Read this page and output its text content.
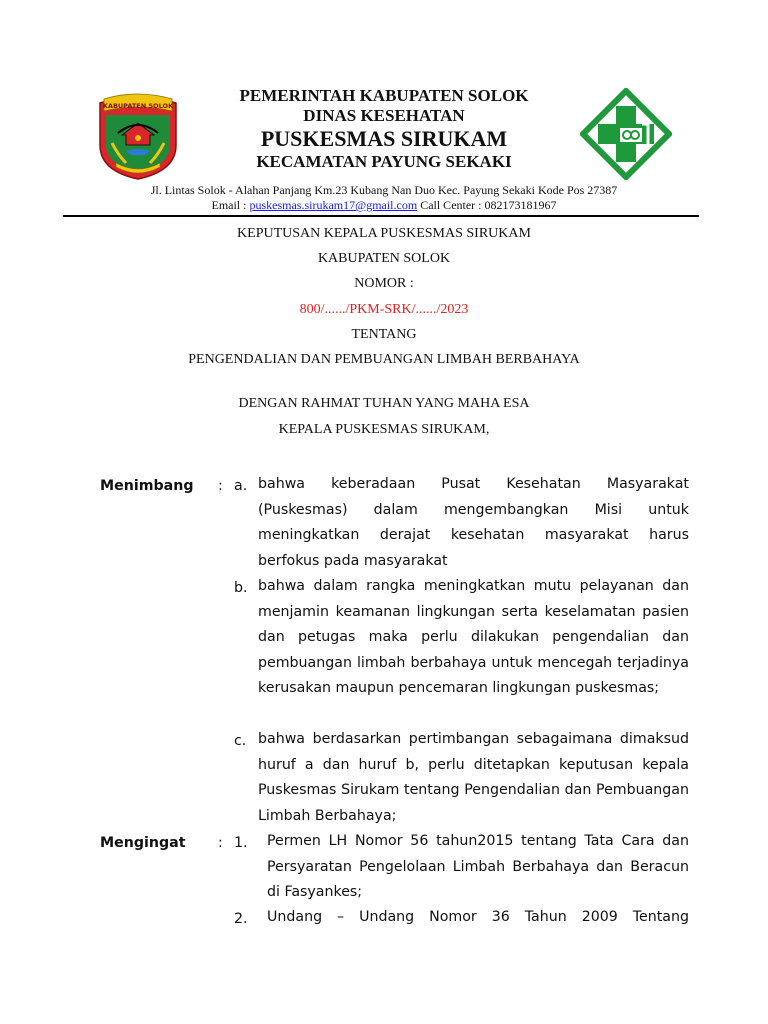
KABUPATEN SOLOK
PEMERINTAH KABUPATEN SOLOK
DINAS KESEHATAN
PUSKESMAS SIRUKAM
KECAMATAN PAYUNG SEKAKI
Jl. Lintas Solok - Alahan Panjang Km.23 Kubang Nan Duo Kec. Payung Sekaki Kode Pos 27387
Email : puskesmas.sirukam17@gmail.com Call Center : 082173181967
KEPUTUSAN KEPALA PUSKESMAS SIRUKAM
KABUPATEN SOLOK
NOMOR :
800/....../PKM-SRK/....../2023
TENTANG
PENGENDALIAN DAN PEMBUANGAN LIMBAH BERBAHAYA
DENGAN RAHMAT TUHAN YANG MAHA ESA
KEPALA PUSKESMAS SIRUKAM,
Menimbang : a. bahwa keberadaan Pusat Kesehatan Masyarakat (Puskesmas) dalam mengembangkan Misi untuk meningkatkan derajat kesehatan masyarakat harus berfokus pada masyarakat
b. bahwa dalam rangka meningkatkan mutu pelayanan dan menjamin keamanan lingkungan serta keselamatan pasien dan petugas maka perlu dilakukan pengendalian dan pembuangan limbah berbahaya untuk mencegah terjadinya kerusakan maupun pencemaran lingkungan puskesmas;
c. bahwa berdasarkan pertimbangan sebagaimana dimaksud huruf a dan huruf b, perlu ditetapkan keputusan kepala Puskesmas Sirukam tentang Pengendalian dan Pembuangan Limbah Berbahaya;
Mengingat : 1. Permen LH Nomor 56 tahun2015 tentang Tata Cara dan Persyaratan Pengelolaan Limbah Berbahaya dan Beracun di Fasyankes;
2. Undang – Undang Nomor 36 Tahun 2009 Tentang
